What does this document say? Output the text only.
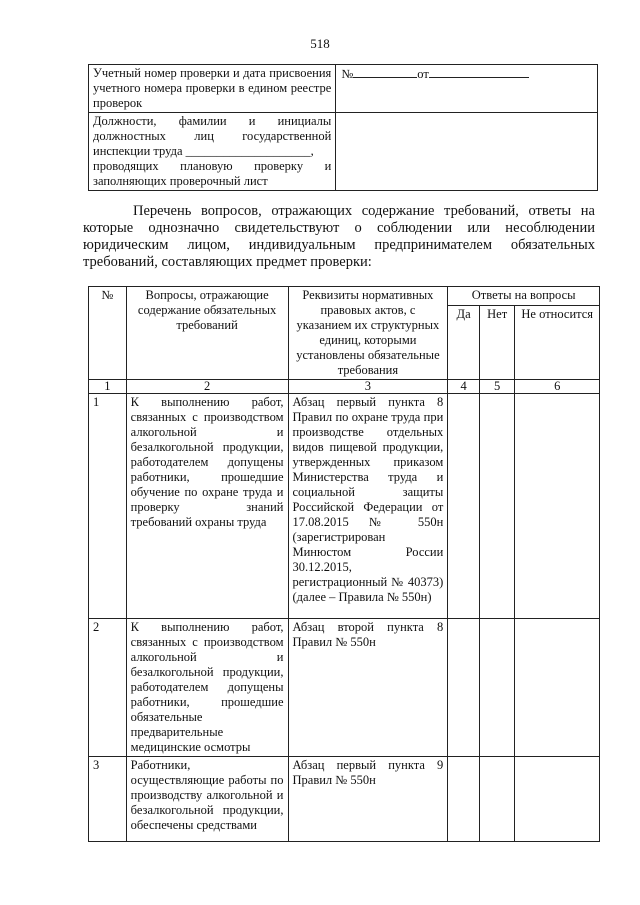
518
Учетный номер проверки и дата присвоения учетного номера проверки в едином реестре проверок	№ от

Должности, фамилии и инициалы
должностных лиц государственной
инспекции труда ____________________,
проводящих плановую проверку и
заполняющих проверочный лист	

Перечень вопросов, отражающих содержание требований, ответы на которые однозначно свидетельствуют о соблюдении или несоблюдении юридическим лицом, индивидуальным предпринимателем обязательных требований, составляющих предмет проверки:

№	Вопросы, отражающие содержание обязательных требований	Реквизиты нормативных правовых актов, с указанием их структурных единиц, которыми установлены обязательные требования	Ответы на вопросы		
			Да	Нет	Не относится
1	2	3	4	5	6
1	К выполнению работ, связанных с производством алкогольной и безалкогольной продукции, работодателем допущены работники, прошедшие обучение по охране труда и проверку знаний требований охраны труда	Абзац первый пункта 8 Правил по охране труда при производстве отдельных видов пищевой продукции, утвержденных приказом Министерства труда и социальной защиты Российской Федерации от 17.08.2015 № 550н (зарегистрирован Минюстом России 30.12.2015, регистрационный № 40373) (далее – Правила № 550н)			
2	К выполнению работ, связанных с производством алкогольной и безалкогольной продукции, работодателем допущены работники, прошедшие обязательные предварительные медицинские осмотры	Абзац второй пункта 8 Правил № 550н			
3	Работники, осуществляющие работы по производству алкогольной и безалкогольной продукции, обеспечены средствами	Абзац первый пункта 9 Правил № 550н			
